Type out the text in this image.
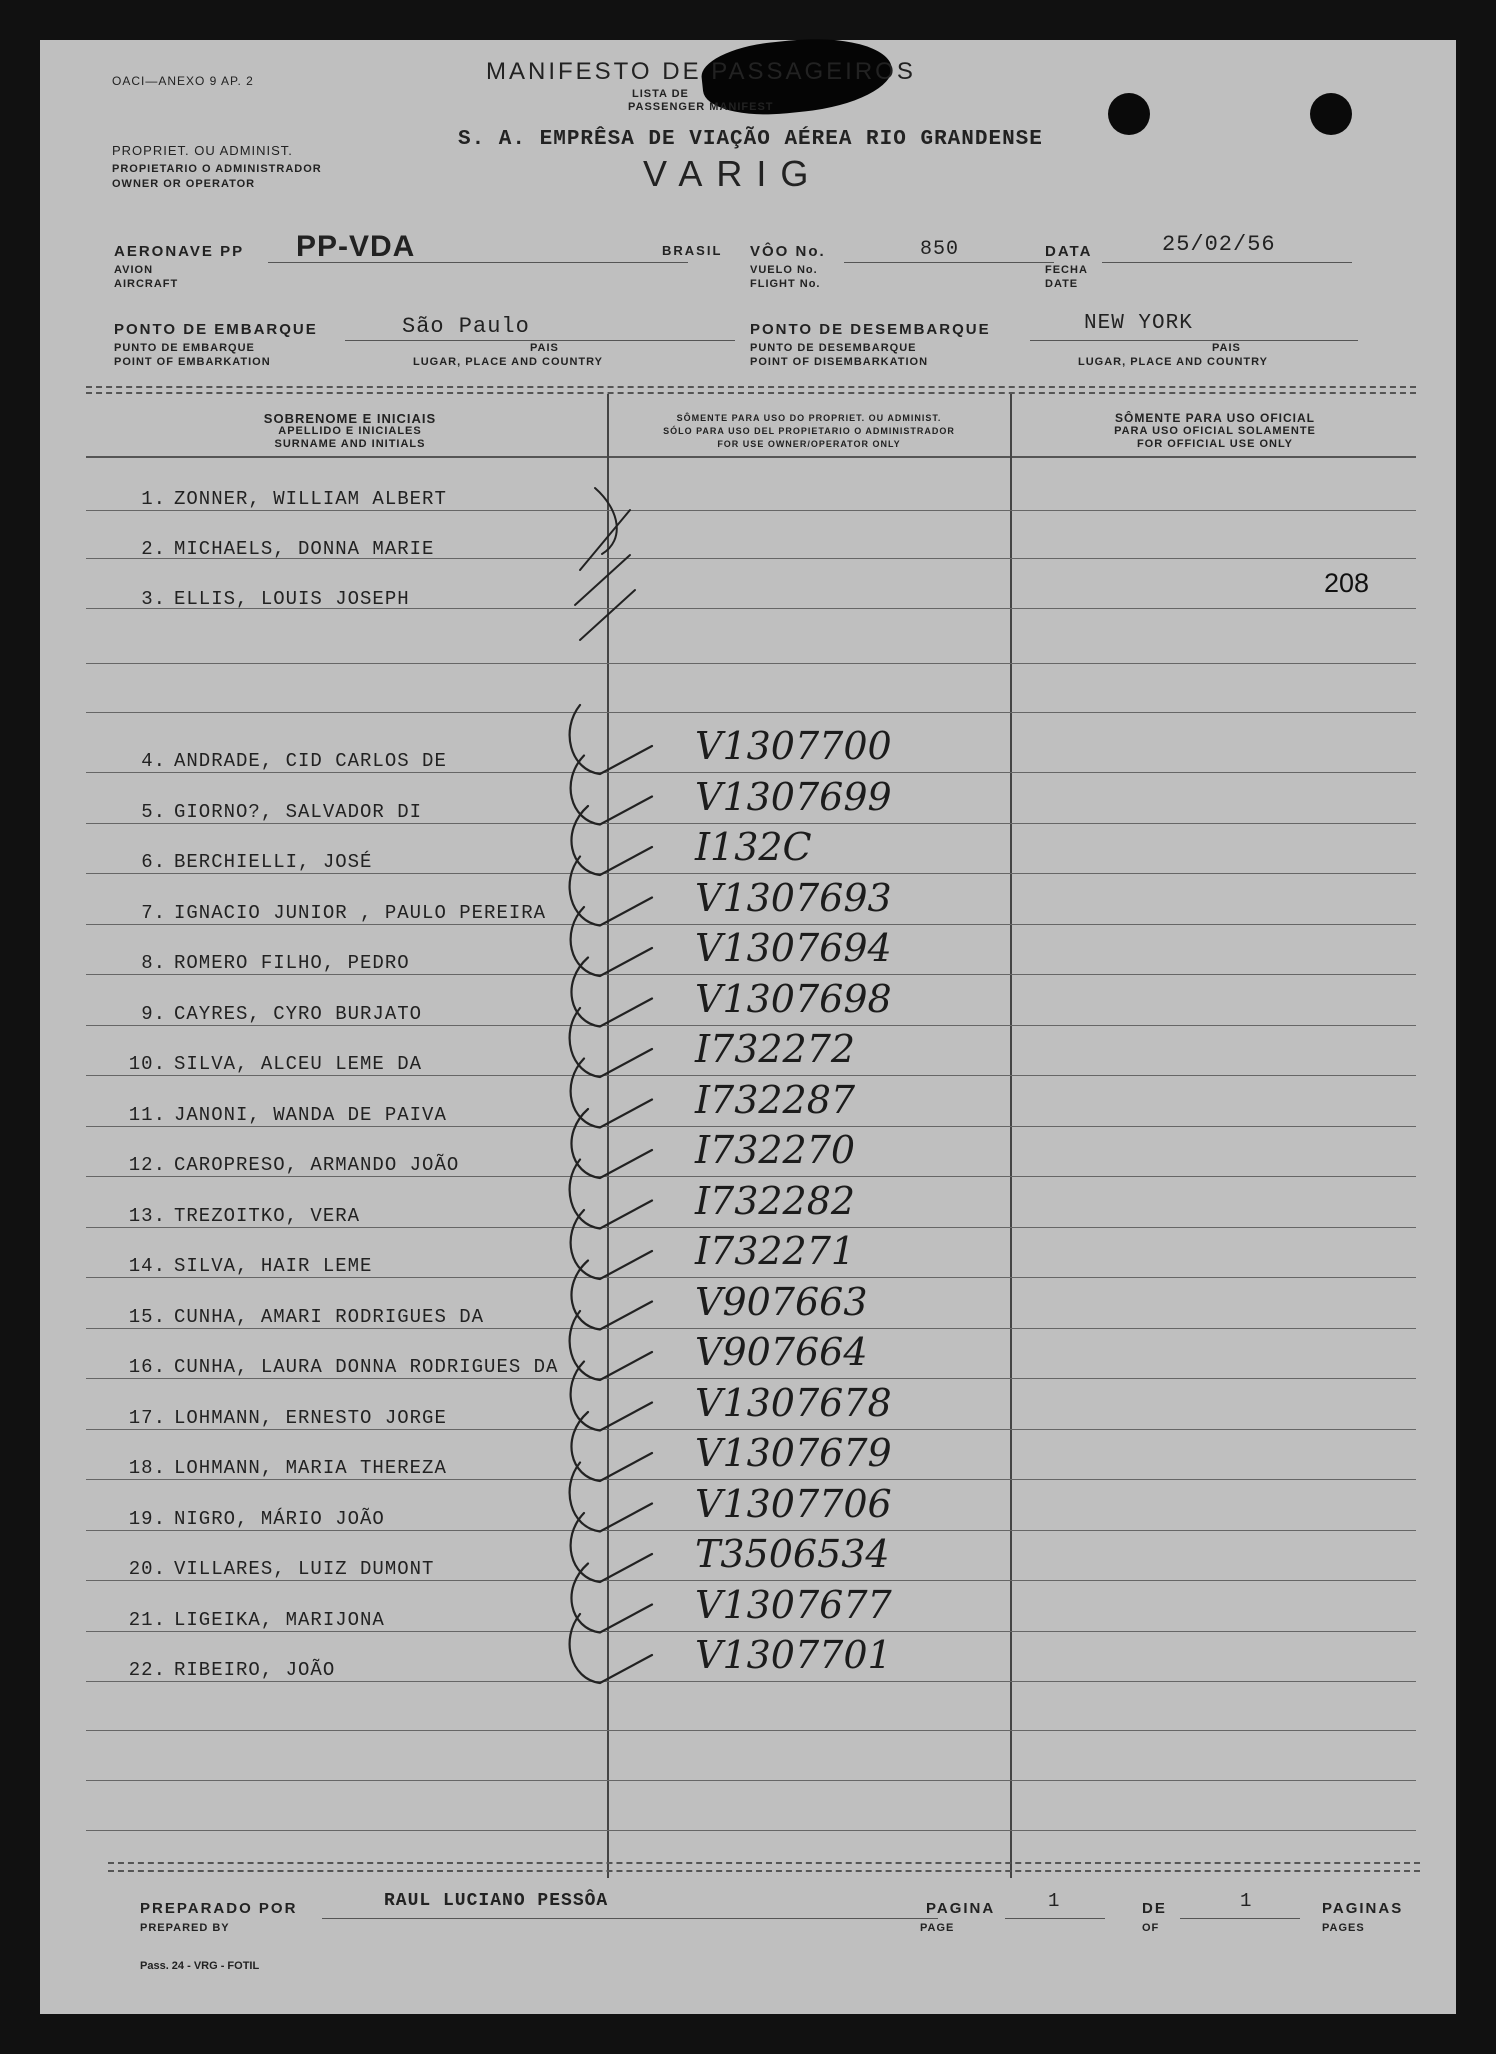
OACI—ANEXO 9 AP. 2	MANIFESTO DE PASSAGEIROS
LISTA DE
PASSENGER MANIFEST
PROPRIET. OU ADMINIST.
PROPIETARIO O ADMINISTRADOR
OWNER OR OPERATOR
S. A. EMPRÊSA DE VIAÇÃO AÉREA RIO GRANDENSE
VARIG
208
AERONAVE PP
AVION
AIRCRAFT
PP-VDA	BRASIL VÔO No.
VUELO No.
FLIGHT No.
850	DATA
FECHA
DATE
25/02/56
PONTO DE EMBARQUE
PUNTO DE EMBARQUE
POINT OF EMBARKATION
São Paulo
PAIS
LUGAR, PLACE AND COUNTRY
PONTO DE DESEMBARQUE
PUNTO DE DESEMBARQUE
POINT OF DISEMBARKATION
NEW YORK
PAIS
LUGAR, PLACE AND COUNTRY
SOBRENOME E INICIAIS
APELLIDO E INICIALES
SURNAME AND INITIALS
SÔMENTE PARA USO DO PROPRIET. OU ADMINIST.
SÓLO PARA USO DEL PROPIETARIO O ADMINISTRADOR
FOR USE OWNER/OPERATOR ONLY
SÔMENTE PARA USO OFICIAL
PARA USO OFICIAL SOLAMENTE
FOR OFFICIAL USE ONLY
1. ZONNER, WILLIAM ALBERT
2. MICHAELS, DONNA MARIE
3. ELLIS, LOUIS JOSEPH
4. ANDRADE, CID CARLOS DE	V1307700
5. GIORNO?, SALVADOR DI	V1307699
6. BERCHIELLI, JOSÉ	I132C
7. IGNACIO JUNIOR , PAULO PEREIRA	V1307693
8. ROMERO FILHO, PEDRO	V1307694
9. CAYRES, CYRO BURJATO	V1307698
10. SILVA, ALCEU LEME DA	I732272
11. JANONI, WANDA DE PAIVA	I732287
12. CAROPRESO, ARMANDO JOÃO	I732270
13. TREZOITKO, VERA	I732282
14. SILVA, HAIR LEME	I732271
15. CUNHA, AMARI RODRIGUES DA	V907663
16. CUNHA, LAURA DONNA RODRIGUES DA	V907664
17. LOHMANN, ERNESTO JORGE	V1307678
18. LOHMANN, MARIA THEREZA	V1307679
19. NIGRO, MÁRIO JOÃO	V1307706
20. VILLARES, LUIZ DUMONT	T3506534
21. LIGEIKA, MARIJONA	V1307677
22. RIBEIRO, JOÃO	V1307701
PREPARADO POR
PREPARED BY
RAUL LUCIANO PESSÔA	PAGINA
PAGE
1	DE
OF
1	PAGINAS
PAGES
Pass. 24 - VRG - FOTIL
